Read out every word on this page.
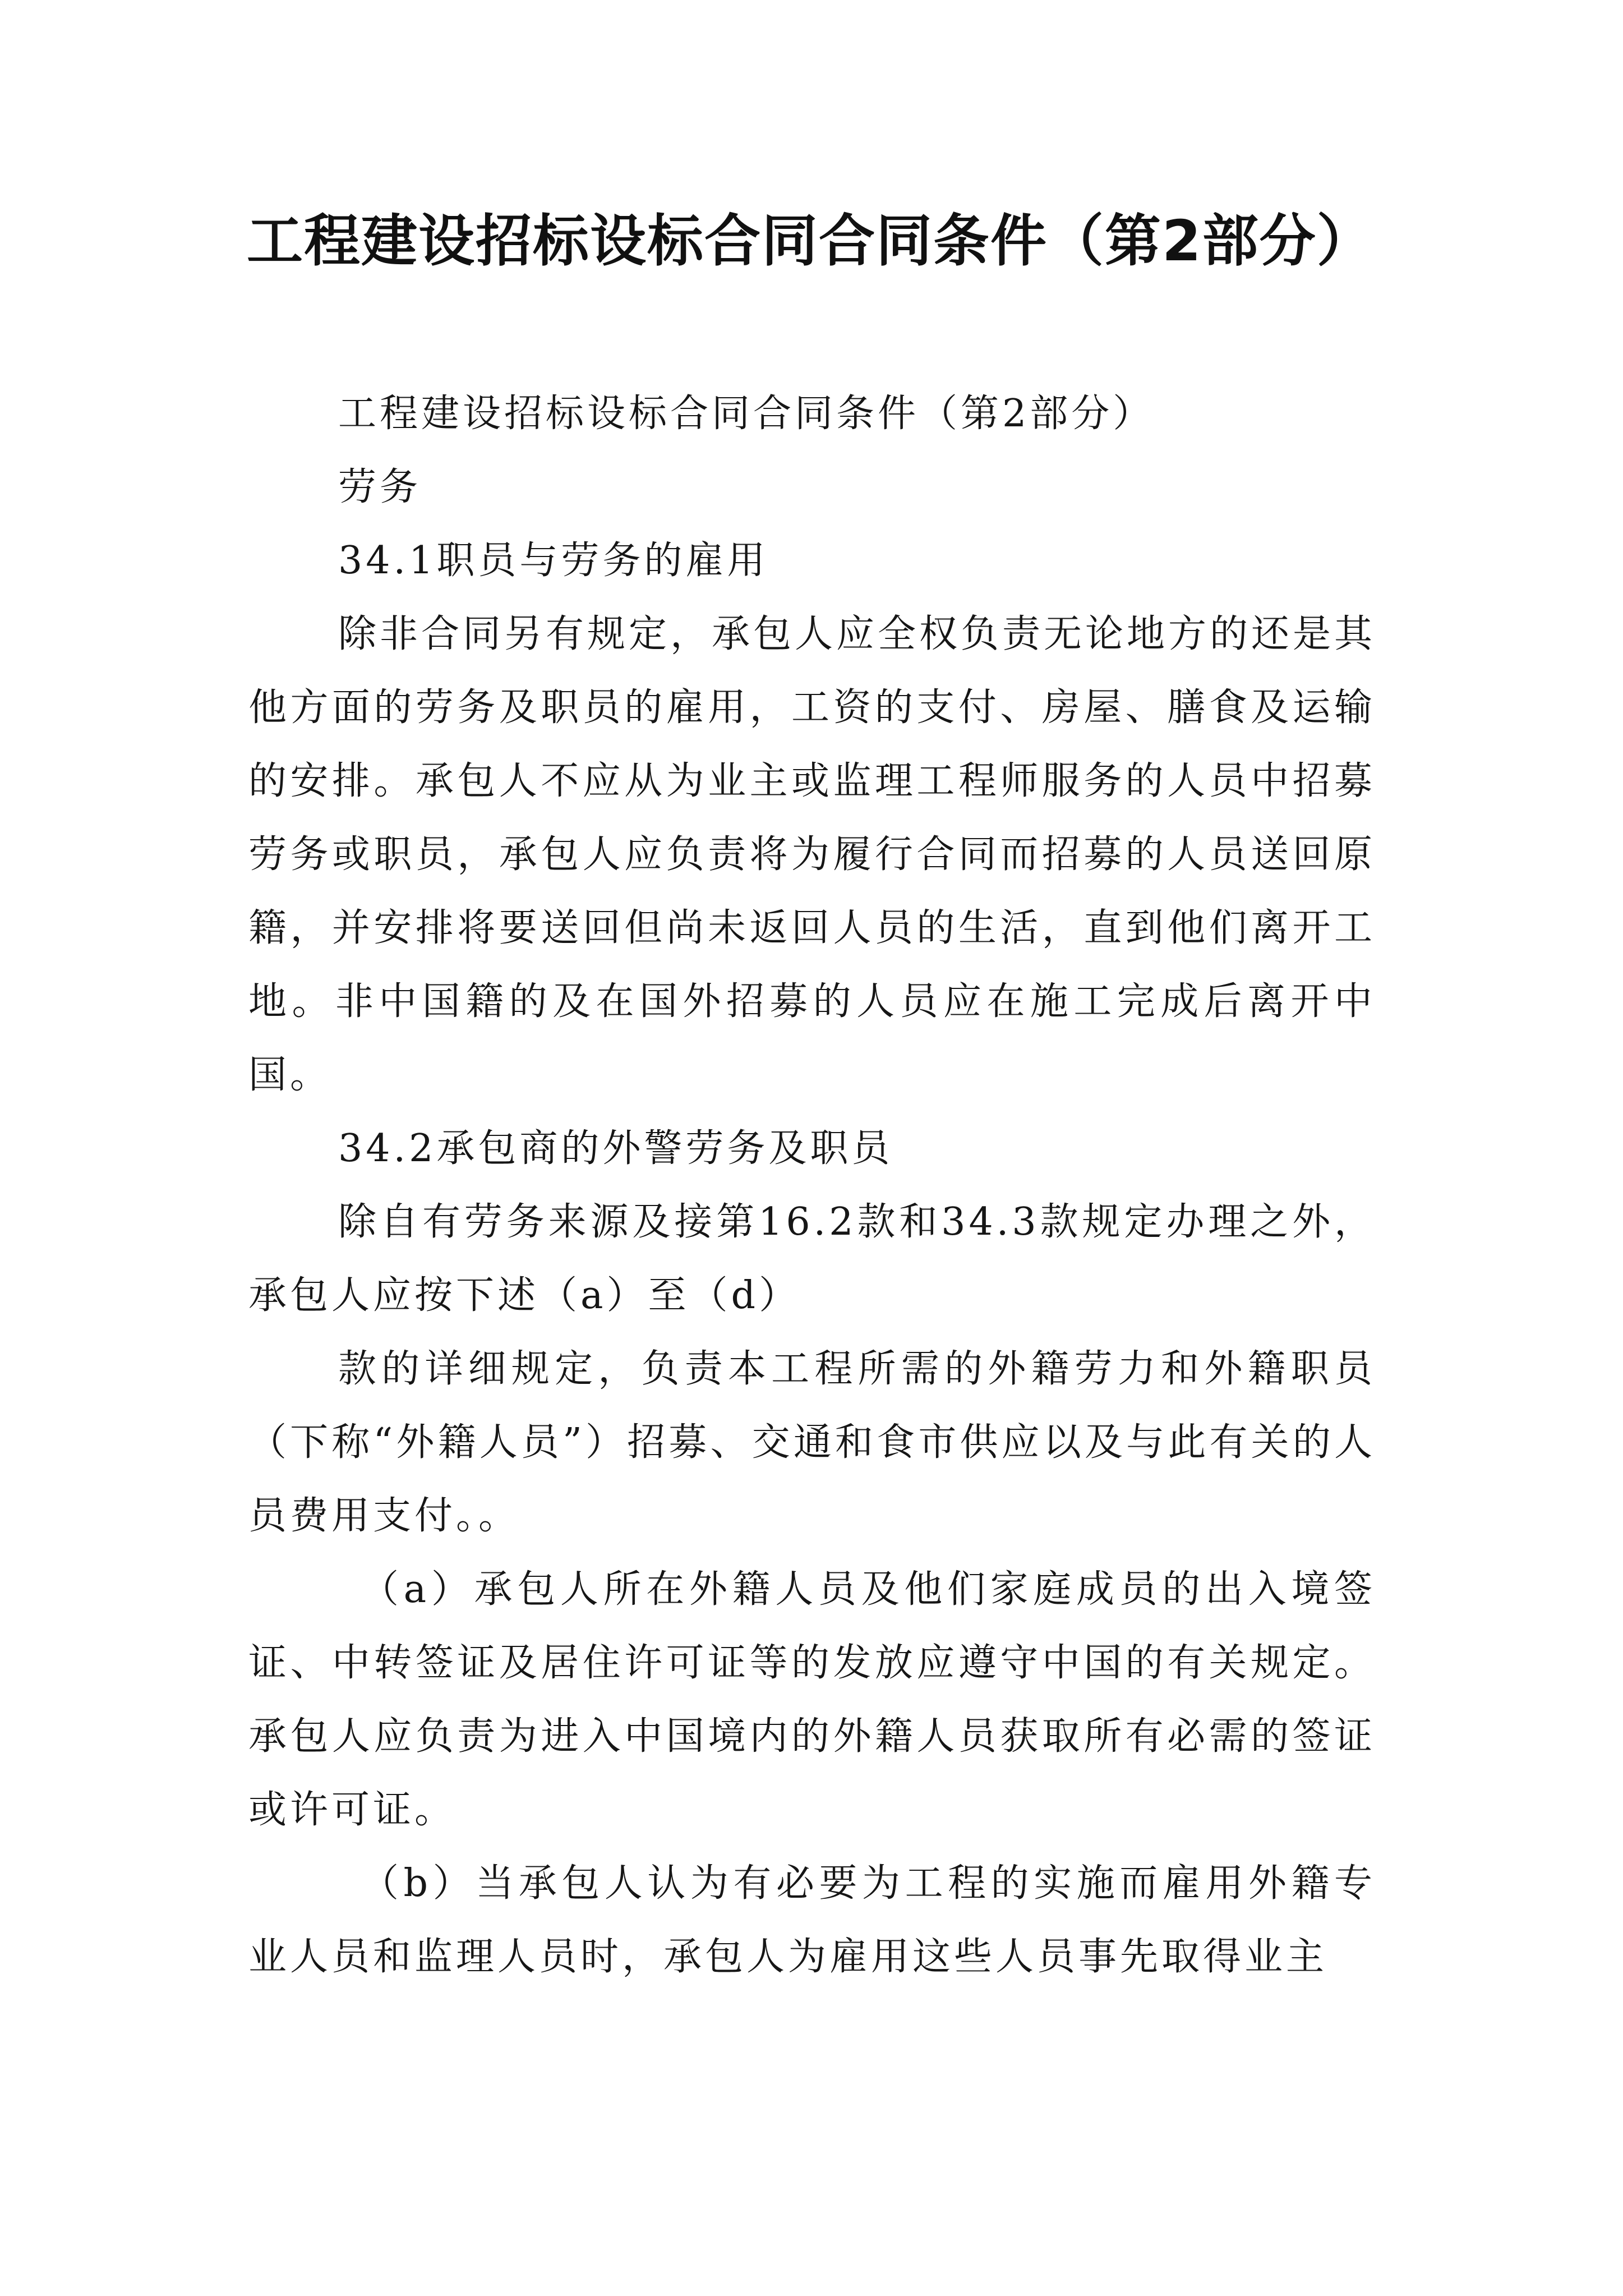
工程建设招标设标合同合同条件（第2部分）

工程建设招标设标合同合同条件（第2部分）

劳务

34.1职员与劳务的雇用

除非合同另有规定，承包人应全权负责无论地方的还是其他方面的劳务及职员的雇用，工资的支付、房屋、膳食及运输的安排。承包人不应从为业主或监理工程师服务的人员中招募劳务或职员，承包人应负责将为履行合同而招募的人员送回原籍，并安排将要送回但尚未返回人员的生活，直到他们离开工地。非中国籍的及在国外招募的人员应在施工完成后离开中国。

34.2承包商的外警劳务及职员

除自有劳务来源及接第16.2款和34.3款规定办理之外，承包人应按下述（a）至（d）

款的详细规定，负责本工程所需的外籍劳力和外籍职员（下称“外籍人员”）招募、交通和食市供应以及与此有关的人员费用支付。。

（a）承包人所在外籍人员及他们家庭成员的出入境签证、中转签证及居住许可证等的发放应遵守中国的有关规定。承包人应负责为进入中国境内的外籍人员获取所有必需的签证或许可证。

（b）当承包人认为有必要为工程的实施而雇用外籍专业人员和监理人员时，承包人为雇用这些人员事先取得业主
